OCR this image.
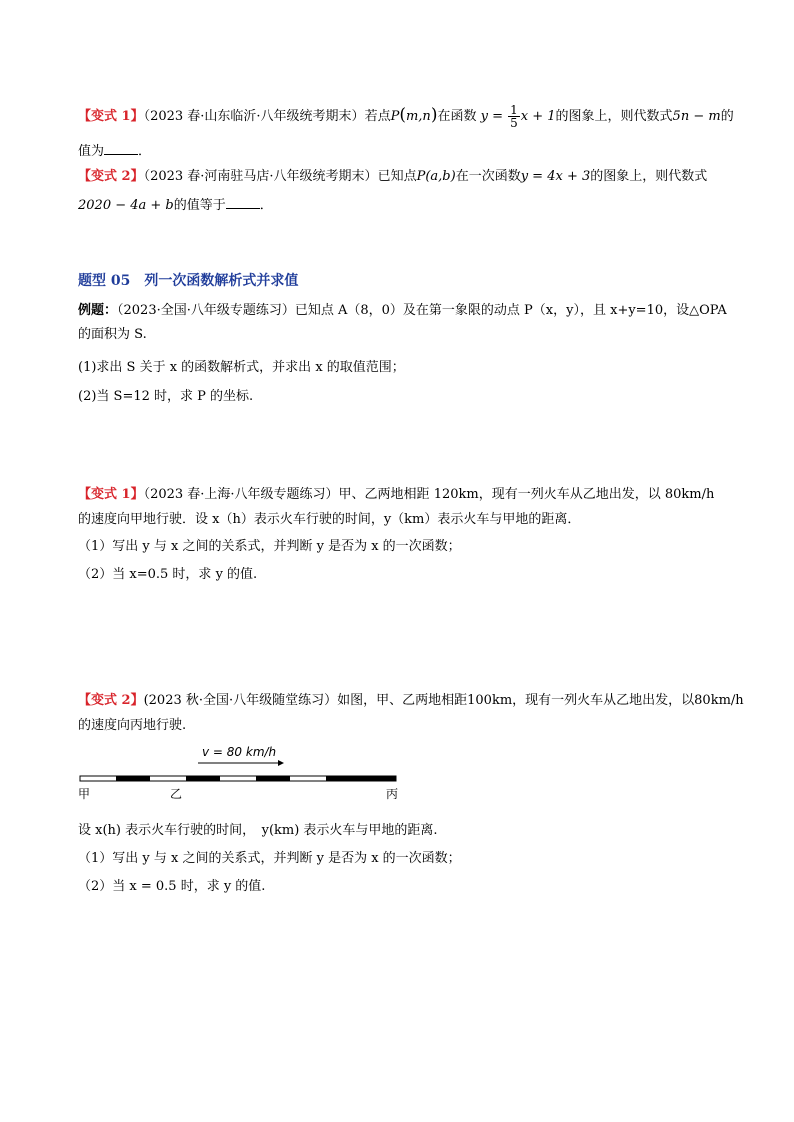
【变式 1】（2023 春·山东临沂·八年级统考期末）若点P(m,n)在函数 $y = \frac{1}{5}$ x + 1的图象上，则代数式5n − m的
值为	．
【变式 2】（2023 春·河南驻马店·八年级统考期末）已知点P(a,b)在一次函数y = 4x + 3的图象上，则代数式
2020 − 4a + b的值等于	．
题型 05　列一次函数解析式并求值
例题：（2023·全国·八年级专题练习）已知点 A（8，0）及在第一象限的动点 P（x，y），且 x+y=10，设△OPA
的面积为 S.
(1)求出 S 关于 x 的函数解析式，并求出 x 的取值范围；
(2)当 S=12 时，求 P 的坐标.
【变式 1】（2023 春·上海·八年级专题练习）甲、乙两地相距 120km，现有一列火车从乙地出发，以 80km/h
的速度向甲地行驶．设 x（h）表示火车行驶的时间，y（km）表示火车与甲地的距离．
（1）写出 y 与 x 之间的关系式，并判断 y 是否为 x 的一次函数；
（2）当 x=0.5 时，求 y 的值.
【变式 2】(2023 秋·全国·八年级随堂练习）如图，甲、乙两地相距100km，现有一列火车从乙地出发，以80km/h
的速度向丙地行驶.
v = 80 km/h
甲	乙	丙
设 x(h) 表示火车行驶的时间，　y(km) 表示火车与甲地的距离.
（1）写出 y 与 x 之间的关系式，并判断 y 是否为 x 的一次函数；
（2）当 x = 0.5 时，求 y 的值.
